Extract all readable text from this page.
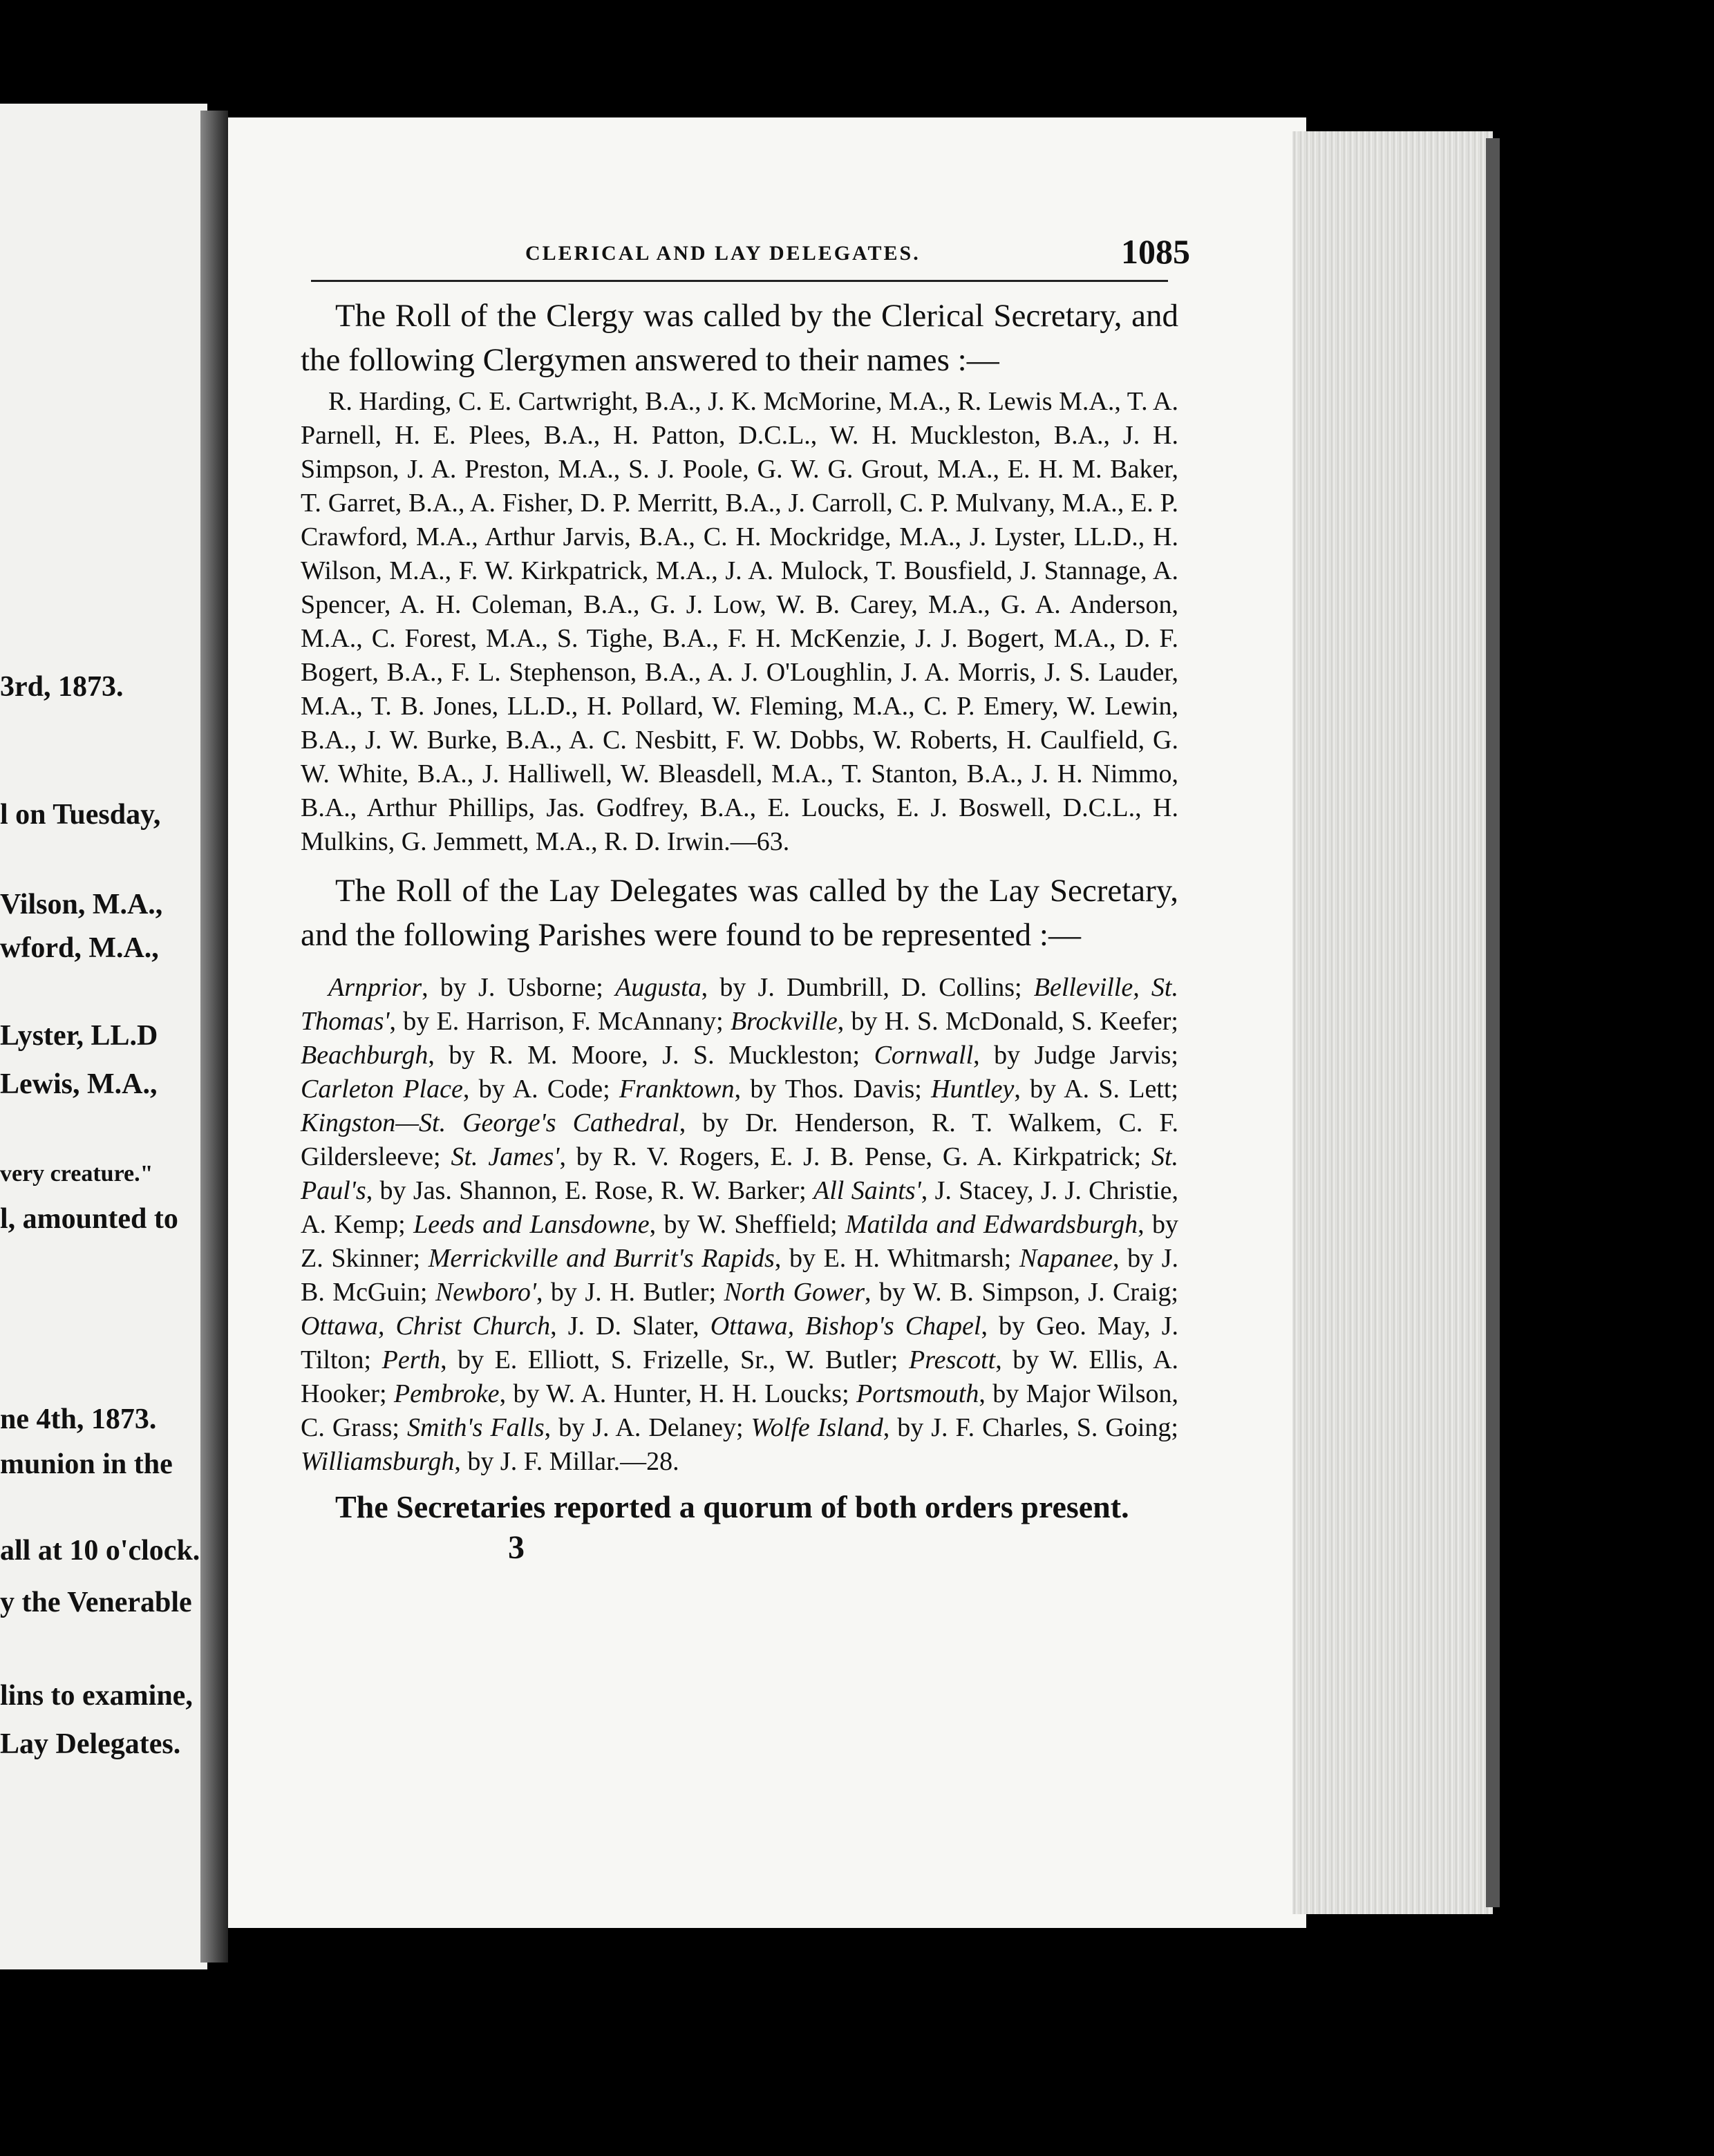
3rd, 1873.
l on Tuesday,
Vilson, M.A.,
wford, M.A.,
Lyster, LL.D
Lewis, M.A.,
very creature."
l, amounted to
ne 4th, 1873.
munion in the
all at 10 o'clock.
y the Venerable
lins to examine,
Lay Delegates.
CLERICAL AND LAY DELEGATES.	1085

The Roll of the Clergy was called by the Clerical Secretary, and the following Clergymen answered to their names :—

R. Harding, C. E. Cartwright, B.A., J. K. McMorine, M.A., R. Lewis M.A., T. A. Parnell, H. E. Plees, B.A., H. Patton, D.C.L., W. H. Muckleston, B.A., J. H. Simpson, J. A. Preston, M.A., S. J. Poole, G. W. G. Grout, M.A., E. H. M. Baker, T. Garret, B.A., A. Fisher, D. P. Merritt, B.A., J. Carroll, C. P. Mulvany, M.A., E. P. Crawford, M.A., Arthur Jarvis, B.A., C. H. Mockridge, M.A., J. Lyster, LL.D., H. Wilson, M.A., F. W. Kirkpatrick, M.A., J. A. Mulock, T. Bousfield, J. Stannage, A. Spencer, A. H. Coleman, B.A., G. J. Low, W. B. Carey, M.A., G. A. Anderson, M.A., C. Forest, M.A., S. Tighe, B.A., F. H. McKenzie, J. J. Bogert, M.A., D. F. Bogert, B.A., F. L. Stephenson, B.A., A. J. O'Loughlin, J. A. Morris, J. S. Lauder, M.A., T. B. Jones, LL.D., H. Pollard, W. Fleming, M.A., C. P. Emery, W. Lewin, B.A., J. W. Burke, B.A., A. C. Nesbitt, F. W. Dobbs, W. Roberts, H. Caulfield, G. W. White, B.A., J. Halliwell, W. Bleasdell, M.A., T. Stanton, B.A., J. H. Nimmo, B.A., Arthur Phillips, Jas. Godfrey, B.A., E. Loucks, E. J. Boswell, D.C.L., H. Mulkins, G. Jemmett, M.A., R. D. Irwin.—63.

The Roll of the Lay Delegates was called by the Lay Secretary, and the following Parishes were found to be represented :—

Arnprior, by J. Usborne; Augusta, by J. Dumbrill, D. Collins; Belleville, St. Thomas', by E. Harrison, F. McAnnany; Brockville, by H. S. McDonald, S. Keefer; Beachburgh, by R. M. Moore, J. S. Muckleston; Cornwall, by Judge Jarvis; Carleton Place, by A. Code; Franktown, by Thos. Davis; Huntley, by A. S. Lett; Kingston—St. George's Cathedral, by Dr. Henderson, R. T. Walkem, C. F. Gildersleeve; St. James', by R. V. Rogers, E. J. B. Pense, G. A. Kirkpatrick; St. Paul's, by Jas. Shannon, E. Rose, R. W. Barker; All Saints', J. Stacey, J. J. Christie, A. Kemp; Leeds and Lansdowne, by W. Sheffield; Matilda and Edwardsburgh, by Z. Skinner; Merrickville and Burrit's Rapids, by E. H. Whitmarsh; Napanee, by J. B. McGuin; Newboro', by J. H. Butler; North Gower, by W. B. Simpson, J. Craig; Ottawa, Christ Church, J. D. Slater, Ottawa, Bishop's Chapel, by Geo. May, J. Tilton; Perth, by E. Elliott, S. Frizelle, Sr., W. Butler; Prescott, by W. Ellis, A. Hooker; Pembroke, by W. A. Hunter, H. H. Loucks; Portsmouth, by Major Wilson, C. Grass; Smith's Falls, by J. A. Delaney; Wolfe Island, by J. F. Charles, S. Going; Williamsburgh, by J. F. Millar.—28.

The Secretaries reported a quorum of both orders present.

3
